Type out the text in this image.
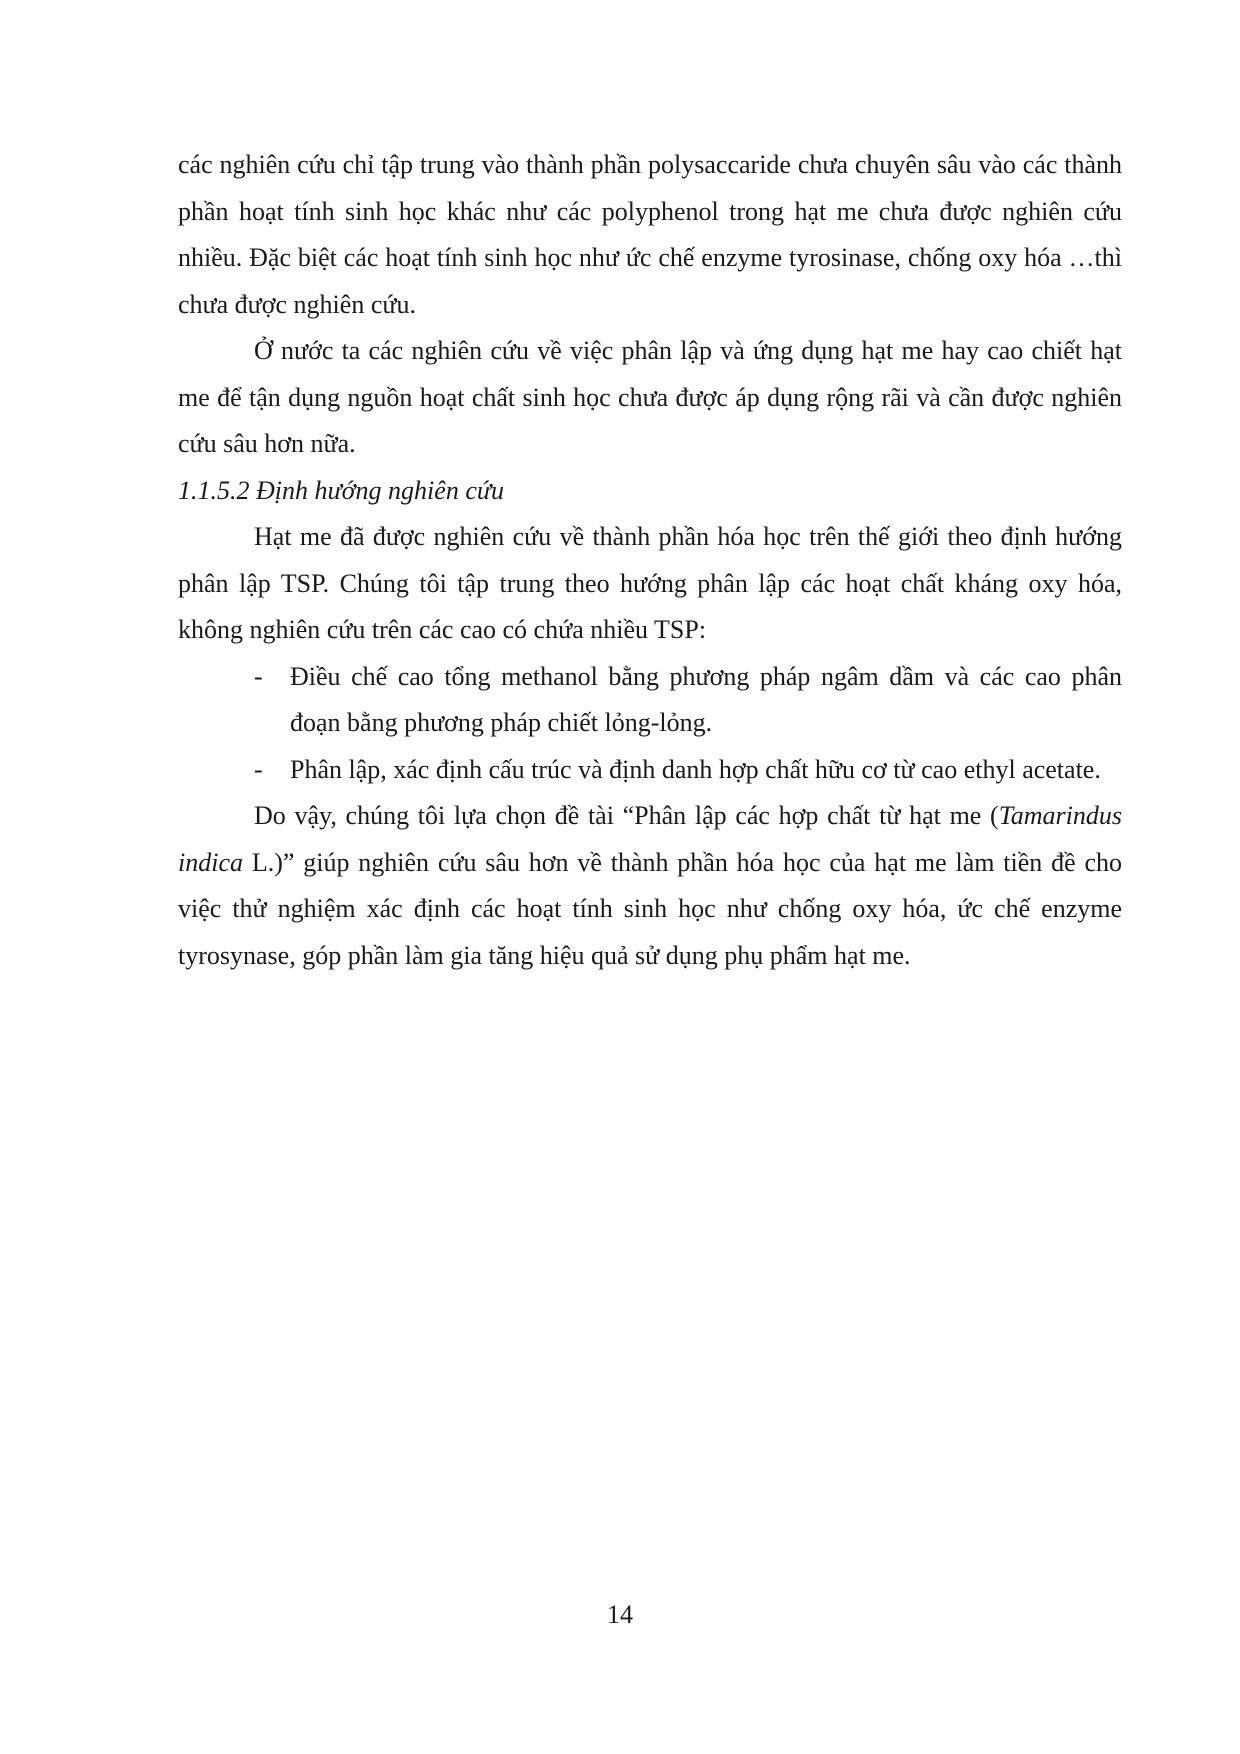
các nghiên cứu chỉ tập trung vào thành phần polysaccaride chưa chuyên sâu vào các thành phần hoạt tính sinh học khác như các polyphenol trong hạt me chưa được nghiên cứu nhiều. Đặc biệt các hoạt tính sinh học như ức chế enzyme tyrosinase, chống oxy hóa …thì chưa được nghiên cứu.

Ở nước ta các nghiên cứu về việc phân lập và ứng dụng hạt me hay cao chiết hạt me để tận dụng nguồn hoạt chất sinh học chưa được áp dụng rộng rãi và cần được nghiên cứu sâu hơn nữa.

1.1.5.2 Định hướng nghiên cứu

Hạt me đã được nghiên cứu về thành phần hóa học trên thế giới theo định hướng phân lập TSP. Chúng tôi tập trung theo hướng phân lập các hoạt chất kháng oxy hóa, không nghiên cứu trên các cao có chứa nhiều TSP:

- Điều chế cao tổng methanol bằng phương pháp ngâm dầm và các cao phân đoạn bằng phương pháp chiết lỏng-lỏng.
- Phân lập, xác định cấu trúc và định danh hợp chất hữu cơ từ cao ethyl acetate.

Do vậy, chúng tôi lựa chọn đề tài “Phân lập các hợp chất từ hạt me (Tamarindus indica L.)” giúp nghiên cứu sâu hơn về thành phần hóa học của hạt me làm tiền đề cho việc thử nghiệm xác định các hoạt tính sinh học như chống oxy hóa, ức chế enzyme tyrosynase, góp phần làm gia tăng hiệu quả sử dụng phụ phẩm hạt me.

14
